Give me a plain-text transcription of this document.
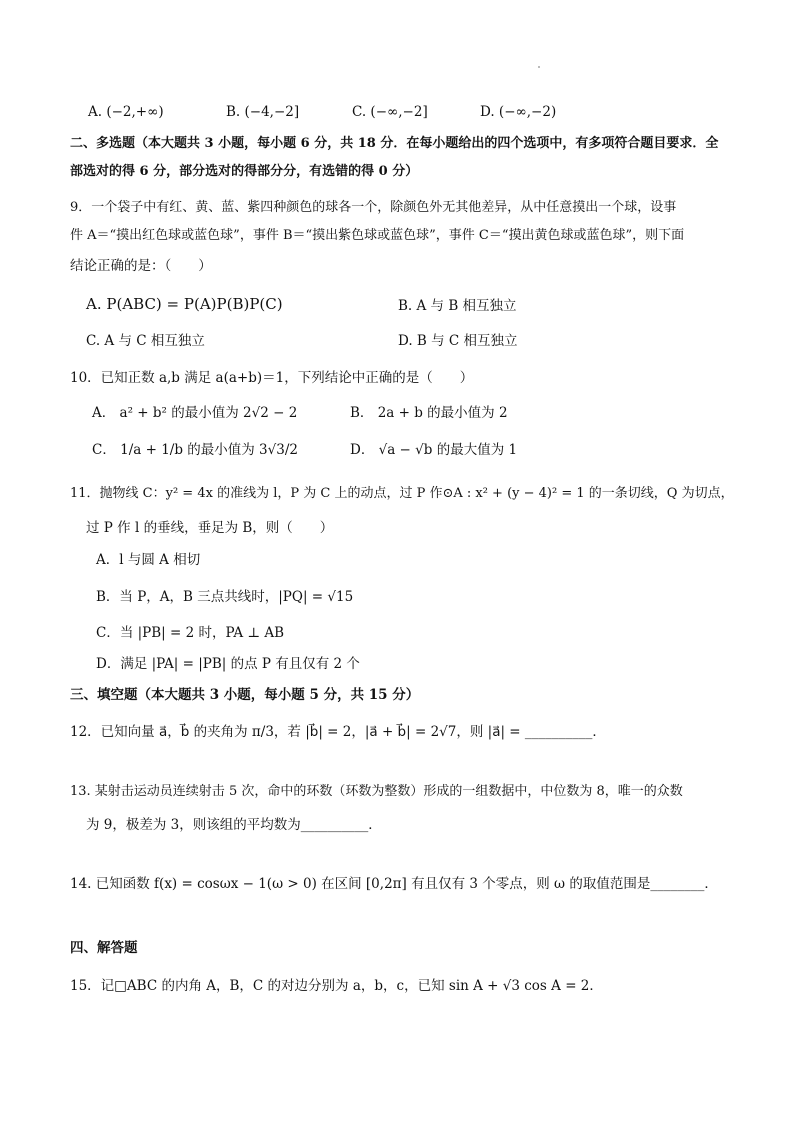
A. (−2,+∞)	B. (−4,−2]	C. (−∞,−2]	D. (−∞,−2)
二、多选题（本大题共 3 小题，每小题 6 分，共 18 分．在每小题给出的四个选项中，有多项符合题目要求．全
部选对的得 6 分，部分选对的得部分分，有选错的得 0 分）
9．一个袋子中有红、黄、蓝、紫四种颜色的球各一个，除颜色外无其他差异，从中任意摸出一个球，设事
件 A＝“摸出红色球或蓝色球”，事件 B＝“摸出紫色球或蓝色球”，事件 C＝“摸出黄色球或蓝色球”，则下面
结论正确的是：（　　）
A. P(ABC) = P(A)P(B)P(C)	B. A 与 B 相互独立
C. A 与 C 相互独立	D. B 与 C 相互独立
10．已知正数 a,b 满足 a(a+b)＝1，下列结论中正确的是（　　）
A． a² + b² 的最小值为 2√2 − 2	B． 2a + b 的最小值为 2
C． 1/a + 1/b 的最小值为 3√3/2	D． √a − √b 的最大值为 1
11．抛物线 C：y² = 4x 的准线为 l，P 为 C 上的动点，过 P 作⊙A : x² + (y − 4)² = 1 的一条切线，Q 为切点，
过 P 作 l 的垂线，垂足为 B，则（　　）
A．l 与圆 A 相切
B．当 P，A，B 三点共线时，|PQ| = √15
C．当 |PB| = 2 时，PA ⊥ AB
D．满足 |PA| = |PB| 的点 P 有且仅有 2 个
三、填空题（本大题共 3 小题，每小题 5 分，共 15 分）
12．已知向量 a⃗，b⃗ 的夹角为 π/3，若 |b⃗| = 2，|a⃗ + b⃗| = 2√7，则 |a⃗| = __________．
13. 某射击运动员连续射击 5 次，命中的环数（环数为整数）形成的一组数据中，中位数为 8，唯一的众数
为 9，极差为 3，则该组的平均数为__________．
14. 已知函数 f(x) = cosωx − 1(ω > 0) 在区间 [0,2π] 有且仅有 3 个零点，则 ω 的取值范围是________．
四、解答题
15．记□ABC 的内角 A，B，C 的对边分别为 a，b，c，已知 sin A + √3 cos A = 2．
